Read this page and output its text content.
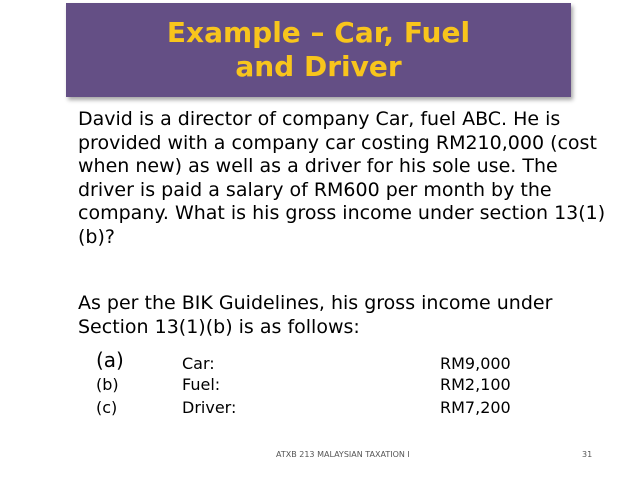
Example – Car, Fuel
and Driver
David is a director of company Car, fuel ABC. He is provided with a company car costing RM210,000 (cost when new) as well as a driver for his sole use. The driver is paid a salary of RM600 per month by the company. What is his gross income under section 13(1)(b)?
As per the BIK Guidelines, his gross income under Section 13(1)(b) is as follows:
(a)	Car:	RM9,000
(b)	Fuel:	RM2,100
(c)	Driver:	RM7,200
ATXB 213 MALAYSIAN TAXATION I	31
